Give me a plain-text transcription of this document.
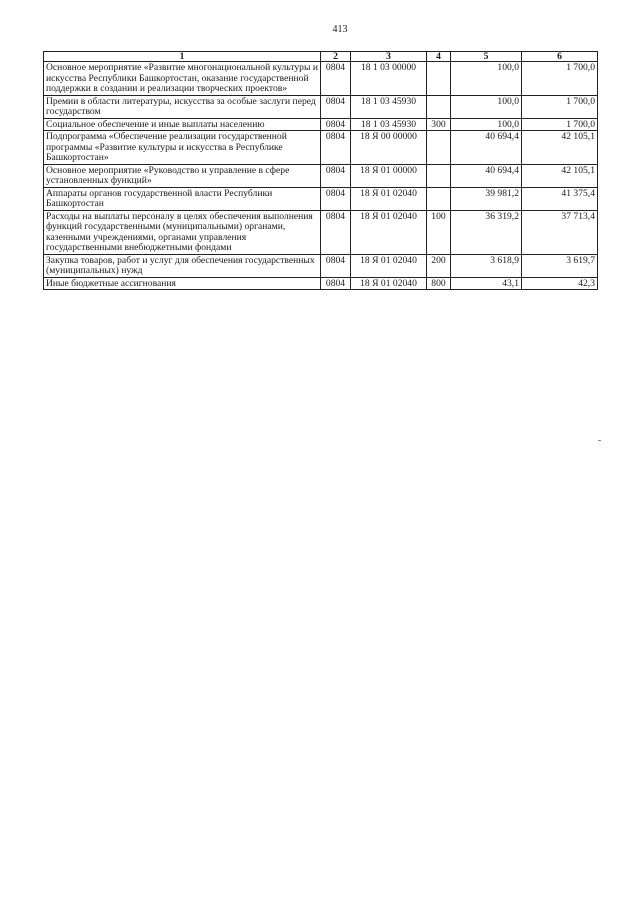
413
1	2	3	4	5	6
Основное мероприятие «Развитие многонациональной культуры и искусства Республики Башкортостан, оказание государственной поддержки в создании и реализации творческих проектов»	0804	18 1 03 00000		100,0	1 700,0
Премии в области литературы, искусства за особые заслуги перед государством	0804	18 1 03 45930		100,0	1 700,0
Социальное обеспечение и иные выплаты населению	0804	18 1 03 45930	300	100,0	1 700,0
Подпрограмма «Обеспечение реализации государственной программы «Развитие культуры и искусства в Республике Башкортостан»	0804	18 Я 00 00000		40 694,4	42 105,1
Основное мероприятие «Руководство и управление в сфере установленных функций»	0804	18 Я 01 00000		40 694,4	42 105,1
Аппараты органов государственной власти Республики Башкортостан	0804	18 Я 01 02040		39 981,2	41 375,4
Расходы на выплаты персоналу в целях обеспечения выполнения функций государственными (муниципальными) органами, казенными учреждениями, органами управления государственными внебюджетными фондами	0804	18 Я 01 02040	100	36 319,2	37 713,4
Закупка товаров, работ и услуг для обеспечения государственных (муниципальных) нужд	0804	18 Я 01 02040	200	3 618,9	3 619,7
Иные бюджетные ассигнования	0804	18 Я 01 02040	800	43,1	42,3
